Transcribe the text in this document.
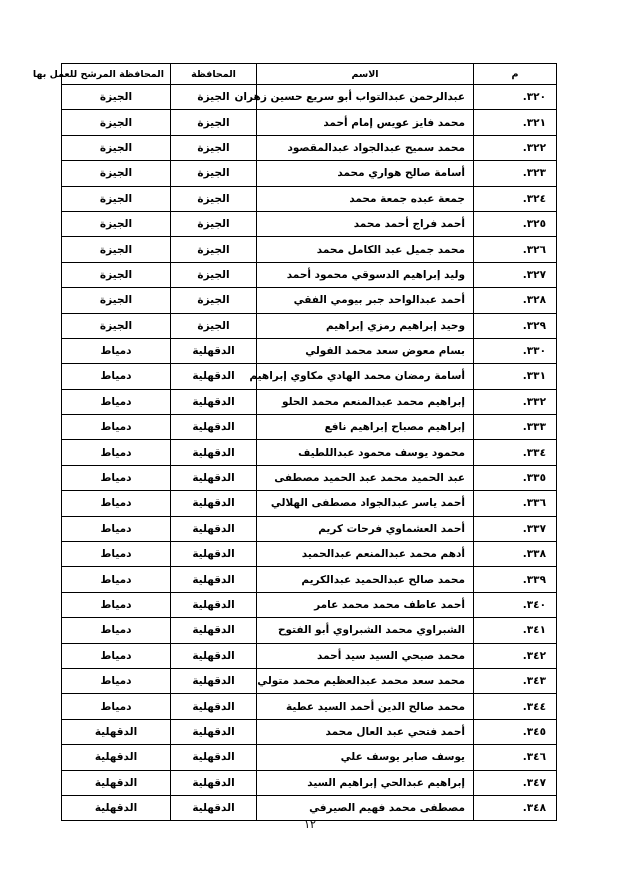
م	الاسم	المحافظة	المحافظة المرشح للعمل بها
٣٢٠.	عبدالرحمن عبدالتواب أبو سريع حسين زهران	الجيزة	الجيزة
٣٢١.	محمد فايز عويس إمام أحمد	الجيزة	الجيزة
٣٢٢.	محمد سميح عبدالجواد عبدالمقصود	الجيزة	الجيزة
٣٢٣.	أسامة صالح هواري محمد	الجيزة	الجيزة
٣٢٤.	جمعة عبده جمعة محمد	الجيزة	الجيزة
٣٢٥.	أحمد فراج أحمد محمد	الجيزة	الجيزة
٣٢٦.	محمد جميل عبد الكامل محمد	الجيزة	الجيزة
٣٢٧.	وليد إبراهيم الدسوقي محمود أحمد	الجيزة	الجيزة
٣٢٨.	أحمد عبدالواحد جبر بيومي الفقي	الجيزة	الجيزة
٣٢٩.	وحيد إبراهيم رمزي إبراهيم	الجيزة	الجيزة
٣٣٠.	بسام معوض سعد محمد الفولي	الدقهلية	دمياط
٣٣١.	أسامة رمضان محمد الهادي مكاوي إبراهيم	الدقهلية	دمياط
٣٣٢.	إبراهيم محمد عبدالمنعم محمد الحلو	الدقهلية	دمياط
٣٣٣.	إبراهيم مصباح إبراهيم نافع	الدقهلية	دمياط
٣٣٤.	محمود يوسف محمود عبداللطيف	الدقهلية	دمياط
٣٣٥.	عبد الحميد محمد عبد الحميد مصطفى	الدقهلية	دمياط
٣٣٦.	أحمد ياسر عبدالجواد مصطفى الهلالي	الدقهلية	دمياط
٣٣٧.	أحمد العشماوي فرحات كريم	الدقهلية	دمياط
٣٣٨.	أدهم محمد عبدالمنعم عبدالحميد	الدقهلية	دمياط
٣٣٩.	محمد صالح عبدالحميد عبدالكريم	الدقهلية	دمياط
٣٤٠.	أحمد عاطف محمد محمد عامر	الدقهلية	دمياط
٣٤١.	الشبراوي محمد الشبراوي أبو الفتوح	الدقهلية	دمياط
٣٤٢.	محمد صبحي السيد سيد أحمد	الدقهلية	دمياط
٣٤٣.	محمد سعد محمد عبدالعظيم محمد متولي	الدقهلية	دمياط
٣٤٤.	محمد صالح الدين أحمد السيد عطية	الدقهلية	دمياط
٣٤٥.	أحمد فتحي عبد العال محمد	الدقهلية	الدقهلية
٣٤٦.	يوسف صابر يوسف علي	الدقهلية	الدقهلية
٣٤٧.	إبراهيم عبدالحي إبراهيم السيد	الدقهلية	الدقهلية
٣٤٨.	مصطفى محمد فهيم الصيرفي	الدقهلية	الدقهلية
١٢
